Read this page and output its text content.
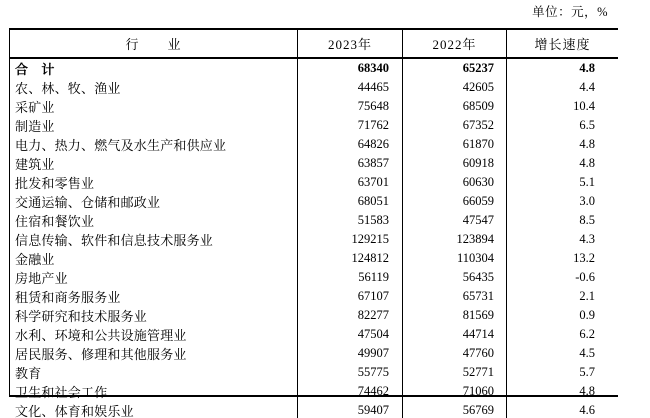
单位：元，%
行　　业	2023年	2022年	增长速度
合　计	68340	65237	4.8
农、林、牧、渔业	44465	42605	4.4
采矿业	75648	68509	10.4
制造业	71762	67352	6.5
电力、热力、燃气及水生产和供应业	64826	61870	4.8
建筑业	63857	60918	4.8
批发和零售业	63701	60630	5.1
交通运输、仓储和邮政业	68051	66059	3.0
住宿和餐饮业	51583	47547	8.5
信息传输、软件和信息技术服务业	129215	123894	4.3
金融业	124812	110304	13.2
房地产业	56119	56435	-0.6
租赁和商务服务业	67107	65731	2.1
科学研究和技术服务业	82277	81569	0.9
水利、环境和公共设施管理业	47504	44714	6.2
居民服务、修理和其他服务业	49907	47760	4.5
教育	55775	52771	5.7
卫生和社会工作	74462	71060	4.8
文化、体育和娱乐业	59407	56769	4.6
